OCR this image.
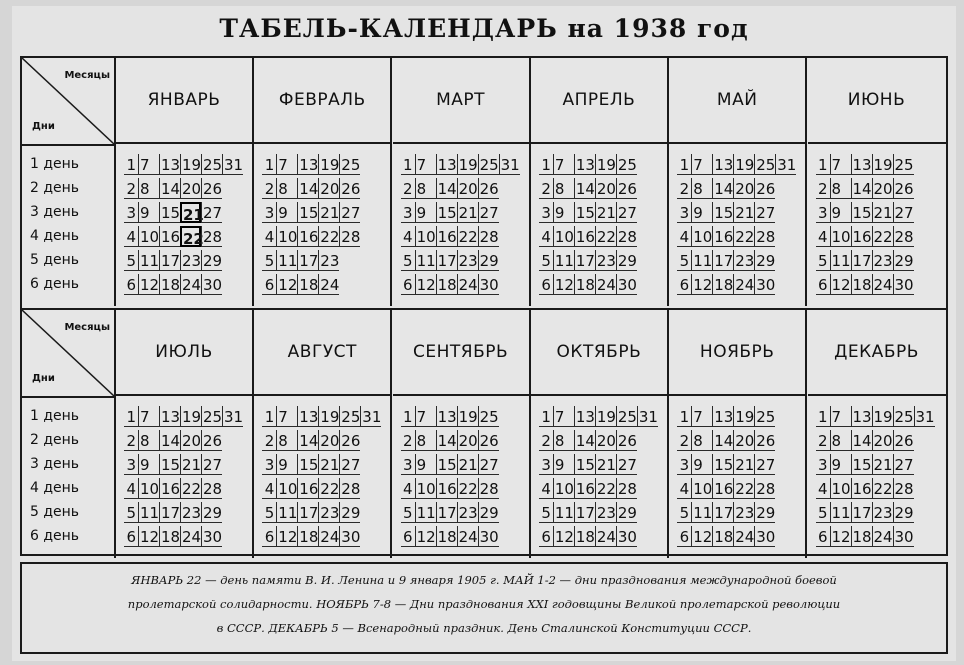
ТАБЕЛЬ-КАЛЕНДАРЬ на 1938 год
Месяцы
Дни
1 день
2 день
3 день
4 день
5 день
6 день
ЯНВАРЬ
1 7 13 19 25 31
2 8 14 20 26
3 9 15 21 27
4 10 16 22 28
5 11 17 23 29
6 12 18 24 30
ФЕВРАЛЬ
1 7 13 19 25
2 8 14 20 26
3 9 15 21 27
4 10 16 22 28
5 11 17 23
6 12 18 24
МАРТ
1 7 13 19 25 31
2 8 14 20 26
3 9 15 21 27
4 10 16 22 28
5 11 17 23 29
6 12 18 24 30
АПРЕЛЬ
1 7 13 19 25
2 8 14 20 26
3 9 15 21 27
4 10 16 22 28
5 11 17 23 29
6 12 18 24 30
МАЙ
1 7 13 19 25 31
2 8 14 20 26
3 9 15 21 27
4 10 16 22 28
5 11 17 23 29
6 12 18 24 30
ИЮНЬ
1 7 13 19 25
2 8 14 20 26
3 9 15 21 27
4 10 16 22 28
5 11 17 23 29
6 12 18 24 30
Месяцы
Дни
1 день
2 день
3 день
4 день
5 день
6 день
ИЮЛЬ
1 7 13 19 25 31
2 8 14 20 26
3 9 15 21 27
4 10 16 22 28
5 11 17 23 29
6 12 18 24 30
АВГУСТ
1 7 13 19 25 31
2 8 14 20 26
3 9 15 21 27
4 10 16 22 28
5 11 17 23 29
6 12 18 24 30
СЕНТЯБРЬ
1 7 13 19 25
2 8 14 20 26
3 9 15 21 27
4 10 16 22 28
5 11 17 23 29
6 12 18 24 30
ОКТЯБРЬ
1 7 13 19 25 31
2 8 14 20 26
3 9 15 21 27
4 10 16 22 28
5 11 17 23 29
6 12 18 24 30
НОЯБРЬ
1 7 13 19 25
2 8 14 20 26
3 9 15 21 27
4 10 16 22 28
5 11 17 23 29
6 12 18 24 30
ДЕКАБРЬ
1 7 13 19 25 31
2 8 14 20 26
3 9 15 21 27
4 10 16 22 28
5 11 17 23 29
6 12 18 24 30

ЯНВАРЬ 22 — день памяти В. И. Ленина и 9 января 1905 г. МАЙ 1-2 — дни празднования международной боевой

пролетарской солидарности. НОЯБРЬ 7-8 — Дни празднования XXI годовщины Великой пролетарской революции

в СССР. ДЕКАБРЬ 5 — Всенародный праздник. День Сталинской Конституции СССР.
